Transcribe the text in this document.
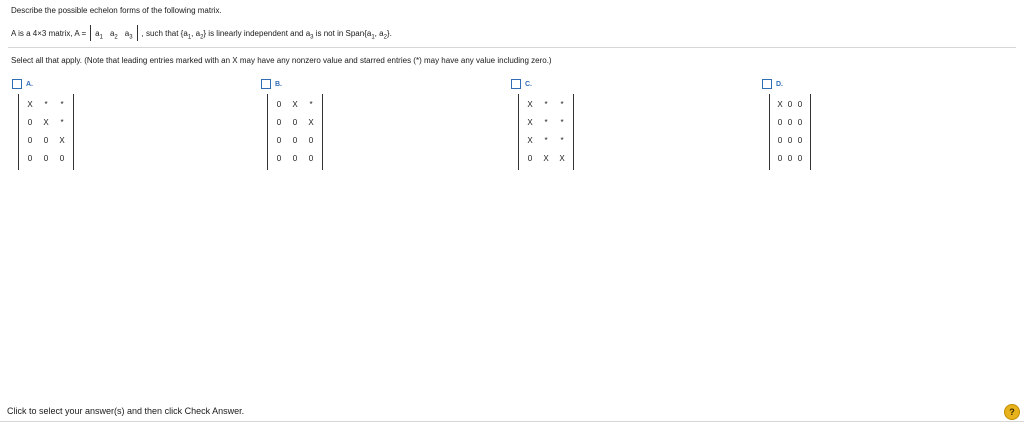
Describe the possible echelon forms of the following matrix.
A is a 4×3 matrix, $A = a_1$ $a_2$ $a_3$ , such that {$a_1$, $a_2$} is linearly independent and $a_3$ is not in $Span\{a_1$, $a_2$}.
Select all that apply. (Note that leading entries marked with an X may have any nonzero value and starred entries (*) may have any value including zero.)
A.
X	*	*
0 X	*
0 0 X
0 0 0
B.
0 X	*
0 0 X
0 0 0
0 0 0
C.
X	*	*
X	*	*
X	*	*
0 X X
D.
X 0 0
0 0 0
0 0 0
0 0 0
Click to select your answer(s) and then click Check Answer.	?
